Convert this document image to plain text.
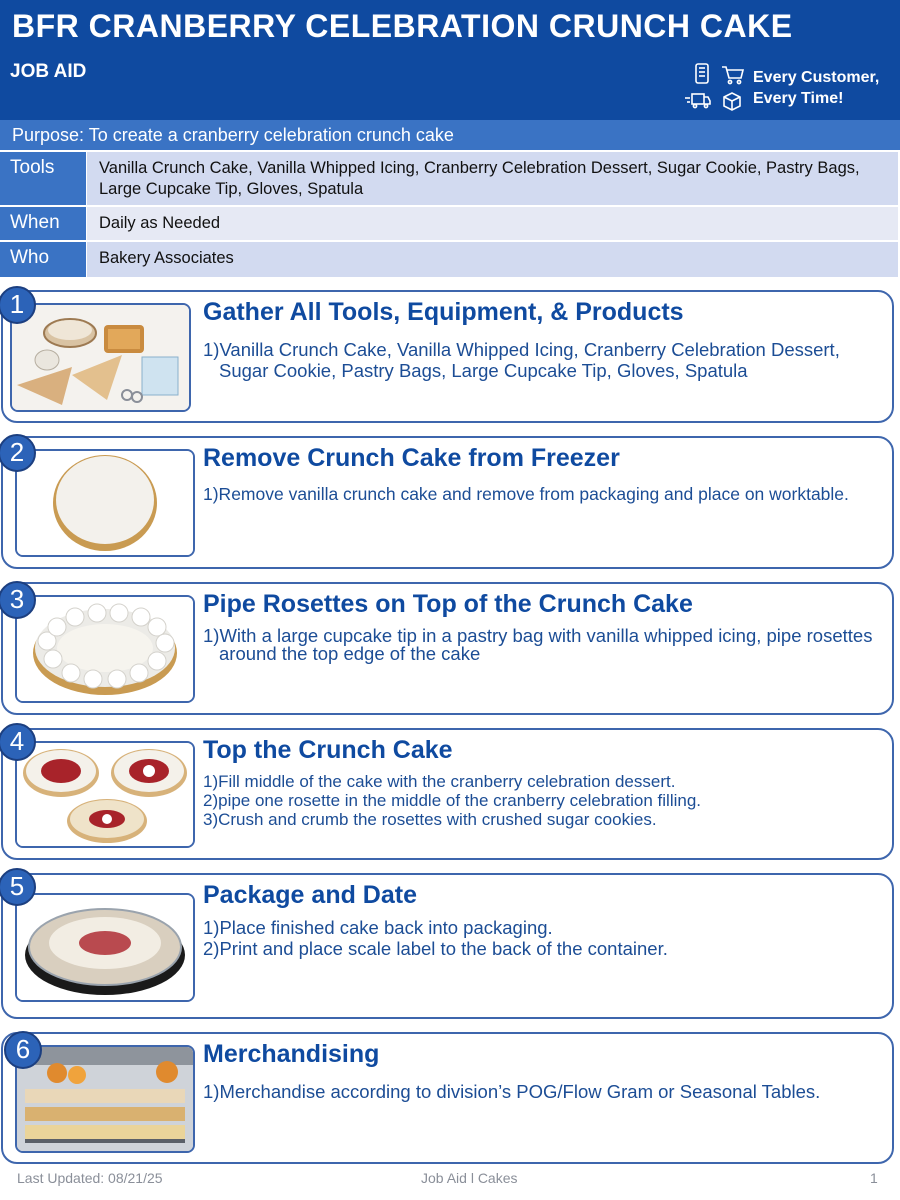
BFR CRANBERRY CELEBRATION CRUNCH CAKE
JOB AID	Every Customer,
Every Time!
Purpose: To create a cranberry celebration crunch cake
Tools	Vanilla Crunch Cake, Vanilla Whipped Icing, Cranberry Celebration Dessert, Sugar Cookie, Pastry Bags, Large Cupcake Tip, Gloves, Spatula
When	Daily as Needed
Who	Bakery Associates
1	Gather All Tools, Equipment, & Products
1)Vanilla Crunch Cake, Vanilla Whipped Icing, Cranberry Celebration Dessert, Sugar Cookie, Pastry Bags, Large Cupcake Tip, Gloves, Spatula
2	Remove Crunch Cake from Freezer
1)Remove vanilla crunch cake and remove from packaging and place on worktable.
3	Pipe Rosettes on Top of the Crunch Cake
1)With a large cupcake tip in a pastry bag with vanilla whipped icing, pipe rosettes around the top edge of the cake
4	Top the Crunch Cake
1)Fill middle of the cake with the cranberry celebration dessert.
2)pipe one rosette in the middle of the cranberry celebration filling.
3)Crush and crumb the rosettes with crushed sugar cookies.
5	Package and Date
1)Place finished cake back into packaging.
2)Print and place scale label to the back of the container.
6	Merchandising
1)Merchandise according to division’s POG/Flow Gram or Seasonal Tables.
Last Updated: 08/21/25	Job Aid l Cakes	1
